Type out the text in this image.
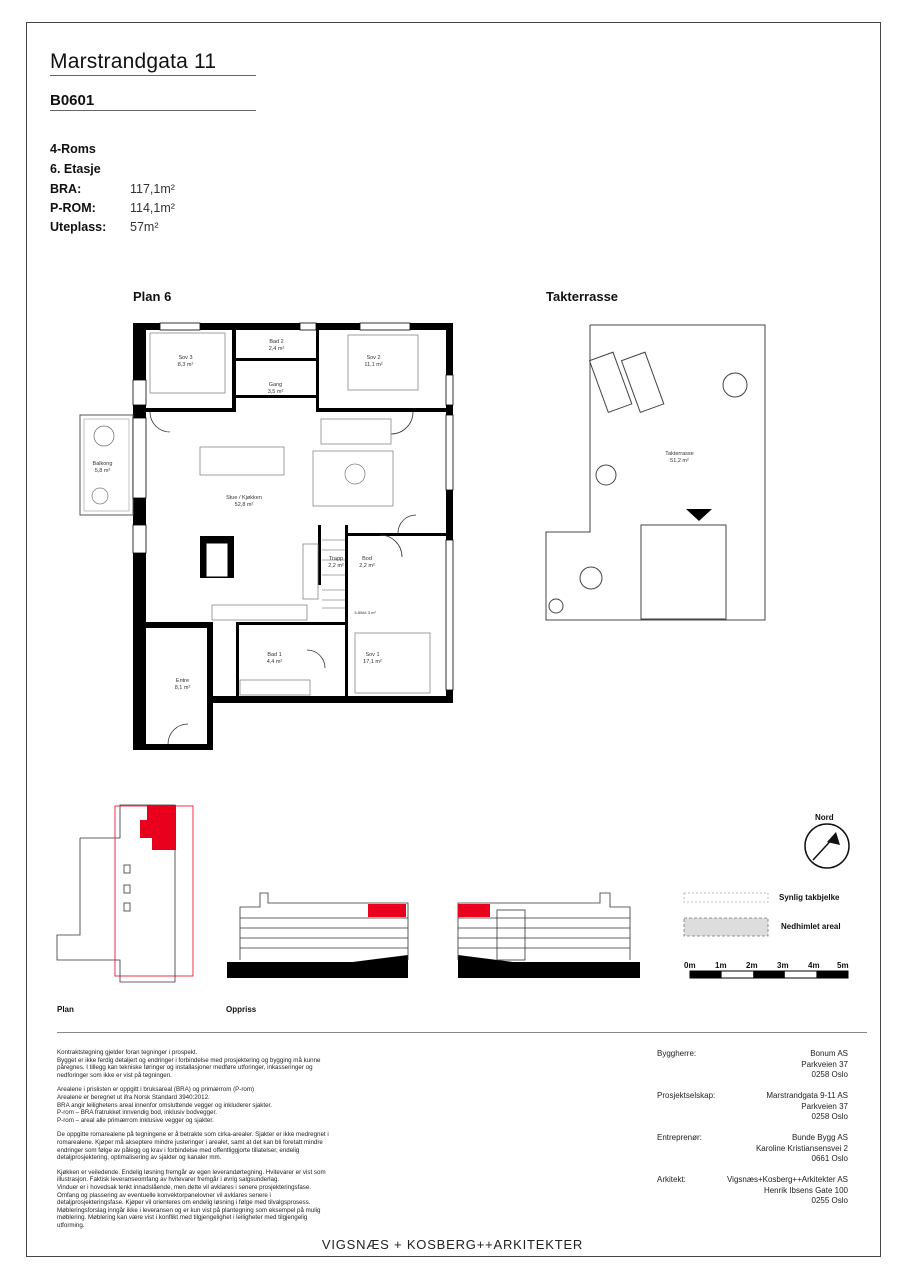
Marstrandgata 11
B0601
4-Roms
6. Etasje
BRA:	117,1m²
P-ROM:	114,1m²
Uteplass: 57m²
Plan 6	Takterrasse
Sov 3
8,3 m²
Bad 2
2,4 m²
Gang
3,5 m²
Sov 2
11,1 m²
Balkong
5,8 m²
Stue / Kjøkken
52,8 m²
Trapp
2,2 m²
Bod
2,2 m²
3-8084 3 m²
Bad 1
4,4 m²
Sov 1
17,1 m²
Entre
8,1 m²
Takterrasse
51,2 m²
Plan	Oppriss
Nord
Synlig takbjelke
Nedhimlet areal
0m 1m 2m 3m 4m 5m
Kontraktstegning gjelder foran tegninger i prospekt.
Bygget er ikke ferdig detaljert og endringer i forbindelse med prosjektering og bygging må kunne
påregnes. I tillegg kan tekniske føringer og installasjoner medføre utforinger, inkasseringer og
nedforinger som ikke er vist på tegningen.
Arealene i prislisten er oppgitt i bruksareal (BRA) og primærrom (P-rom)
Arealene er beregnet ut ifra Norsk Standard 3940:2012.
BRA angir leilighetens areal innenfor omsluttende vegger og inkluderer sjakter.
P-rom – BRA fratrukket innvendig bod, inklusiv bodvegger.
P-rom – areal alle primærrom inklusive vegger og sjakter.
De oppgitte romarealene på tegningene er å betrakte som cirka-arealer. Sjakter er ikke medregnet i
romarealene. Kjøper må akseptere mindre justeringer i arealet, samt at det kan bli foretatt mindre
endringer som følge av pålegg og krav i forbindelse med offentliggjorte tillatelser, endelig
detaljprosjektering, optimalisering av sjakter og kanaler mm.
Kjøkken er veiledende. Endelig løsning fremgår av egen leverandørtegning. Hvitevarer er vist som
illustrasjon. Faktisk leveranseomfang av hvitevarer fremgår i øvrig salgsunderlag.
Vinduer er i hovedsak tenkt innadslående, men dette vil avklares i senere prosjekteringsfase.
Omfang og plassering av eventuelle konvektorpanelovner vil avklares senere i
detaljprosjekteringsfase. Kjøper vil orienteres om endelig løsning i følge med tilvalgsprosess.
Møbleringsforslag inngår ikke i leveransen og er kun vist på plantegning som eksempel på mulig
møblering. Møblering kan være vist i konflikt med tilgjengelighet i leiligheter med tilgjengelig
utforming.
Byggherre:	Bonum AS
Parkveien 37
0258 Oslo
Prosjektselskap:	Marstrandgata 9-11 AS
Parkveien 37
0258 Oslo
Entreprenør:	Bunde Bygg AS
Karoline Kristiansensvei 2
0661 Oslo
Arkitekt:	Vigsnæs+Kosberg++Arkitekter AS
Henrik Ibsens Gate 100
0255 Oslo
VIGSNÆS + KOSBERG++ARKITEKTER
